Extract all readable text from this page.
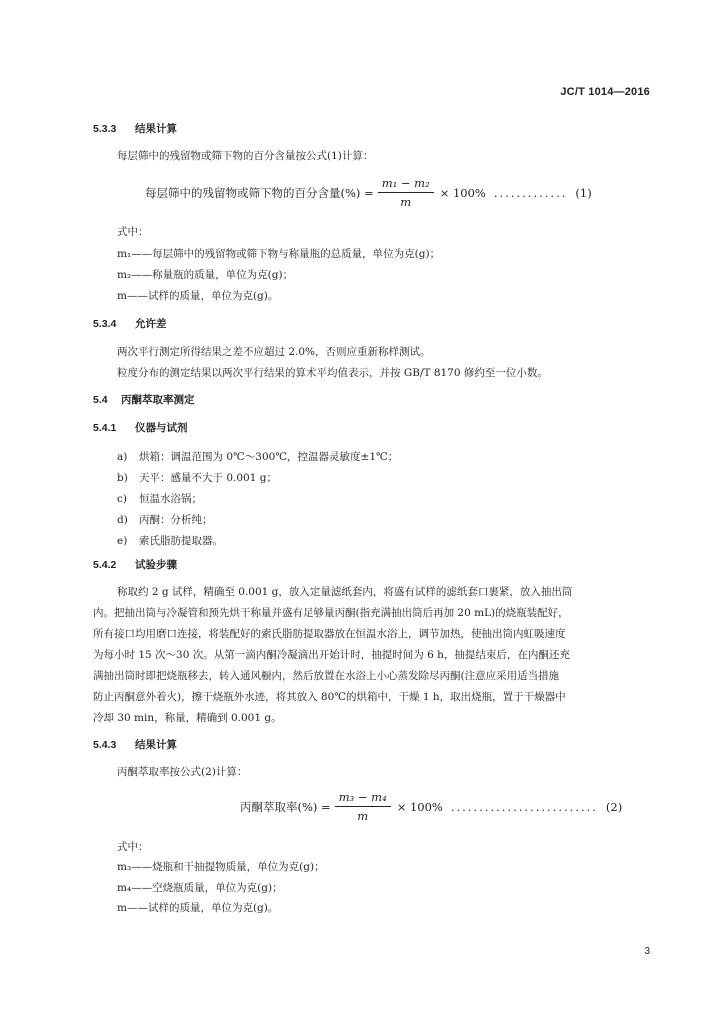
JC/T 1014—2016
5.3.3 结果计算
每层筛中的残留物或筛下物的百分含量按公式(1)计算：
每层筛中的残留物或筛下物的百分含量(%) = $\frac{\text{m₁ − m₂}}{m} \times 100\%$ ............. (1)
式中：
m₁——每层筛中的残留物或筛下物与称量瓶的总质量，单位为克(g)；
m₂——称量瓶的质量，单位为克(g)；
m——试样的质量，单位为克(g)。
5.3.4 允许差
两次平行测定所得结果之差不应超过 2.0%，否则应重新称样测试。
粒度分布的测定结果以两次平行结果的算术平均值表示，并按 GB/T 8170 修约至一位小数。
5.4 丙酮萃取率测定
5.4.1 仪器与试剂
a) 烘箱：调温范围为 0℃～300℃，控温器灵敏度±1℃；
b) 天平：感量不大于 0.001 g；
c) 恒温水浴锅；
d) 丙酮：分析纯；
e) 索氏脂肪提取器。
5.4.2 试验步骤
称取约 2 g 试样，精确至 0.001 g，放入定量滤纸套内，将盛有试样的滤纸套口裹紧，放入抽出筒
内。把抽出筒与冷凝管和预先烘干称量并盛有足够量丙酮(指充满抽出筒后再加 20 mL)的烧瓶装配好，
所有接口均用磨口连接，将装配好的索氏脂肪提取器放在恒温水浴上，调节加热，使抽出筒内虹吸速度
为每小时 15 次～30 次。从第一滴内酮冷凝滴出开始计时，抽提时间为 6 h，抽提结束后，在内酮还充
满抽出筒时即把烧瓶移去，转入通风橱内，然后放置在水浴上小心蒸发除尽丙酮(注意应采用适当措施
防止丙酮意外着火)，擦干烧瓶外水迹，将其放入 80℃的烘箱中，干燥 1 h，取出烧瓶，置于干燥器中
冷却 30 min，称量，精确到 0.001 g。
5.4.3 结果计算
丙酮萃取率按公式(2)计算：
丙酮萃取率(%) = $\frac{\text{m₃ − m₄}}{m} \times 100\%$ .......................... (2)
式中：
m₃——烧瓶和干抽提物质量，单位为克(g)；
m₄——空烧瓶质量，单位为克(g)；
m——试样的质量，单位为克(g)。
3
